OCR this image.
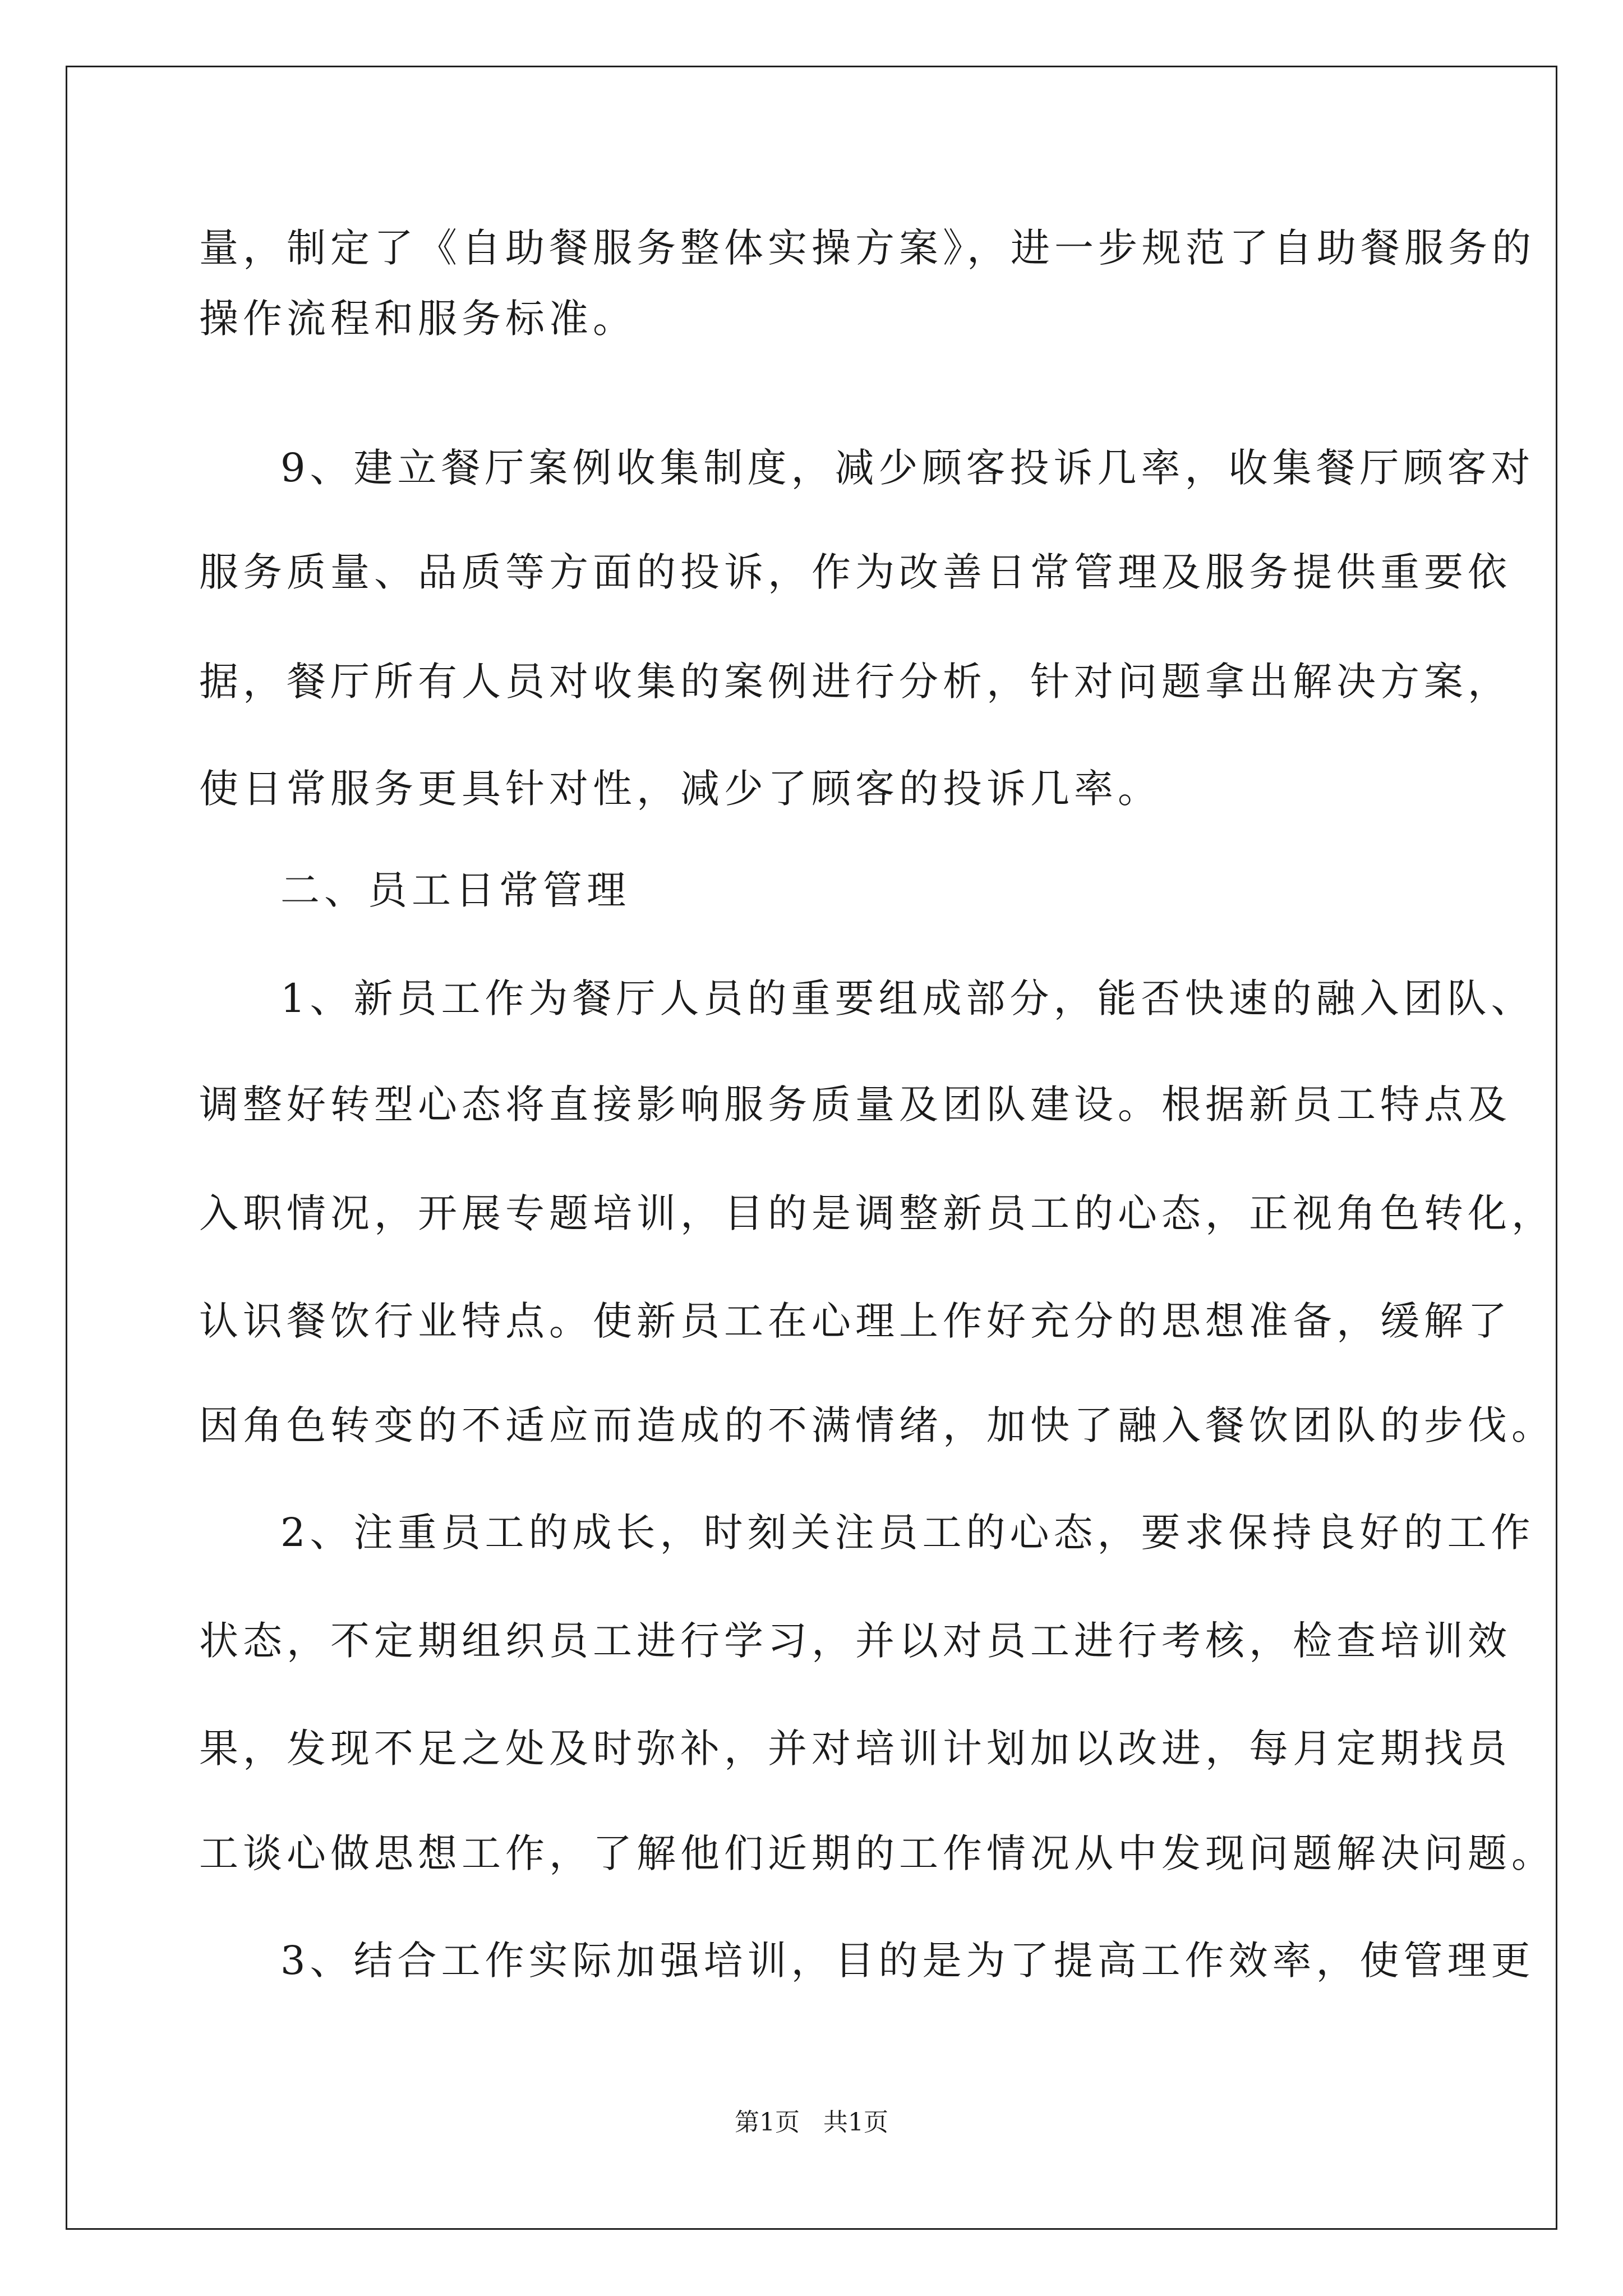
量，制定了《自助餐服务整体实操方案》，进一步规范了自助餐服务的
操作流程和服务标准。
9、建立餐厅案例收集制度，减少顾客投诉几率，收集餐厅顾客对
服务质量、品质等方面的投诉，作为改善日常管理及服务提供重要依
据，餐厅所有人员对收集的案例进行分析，针对问题拿出解决方案，
使日常服务更具针对性，减少了顾客的投诉几率。
二、员工日常管理
1、新员工作为餐厅人员的重要组成部分，能否快速的融入团队、
调整好转型心态将直接影响服务质量及团队建设。根据新员工特点及
入职情况，开展专题培训，目的是调整新员工的心态，正视角色转化，
认识餐饮行业特点。使新员工在心理上作好充分的思想准备，缓解了
因角色转变的不适应而造成的不满情绪，加快了融入餐饮团队的步伐。
2、注重员工的成长，时刻关注员工的心态，要求保持良好的工作
状态，不定期组织员工进行学习，并以对员工进行考核，检查培训效
果，发现不足之处及时弥补，并对培训计划加以改进，每月定期找员
工谈心做思想工作，了解他们近期的工作情况从中发现问题解决问题。
3、结合工作实际加强培训，目的是为了提高工作效率，使管理更
第1页   共1页
